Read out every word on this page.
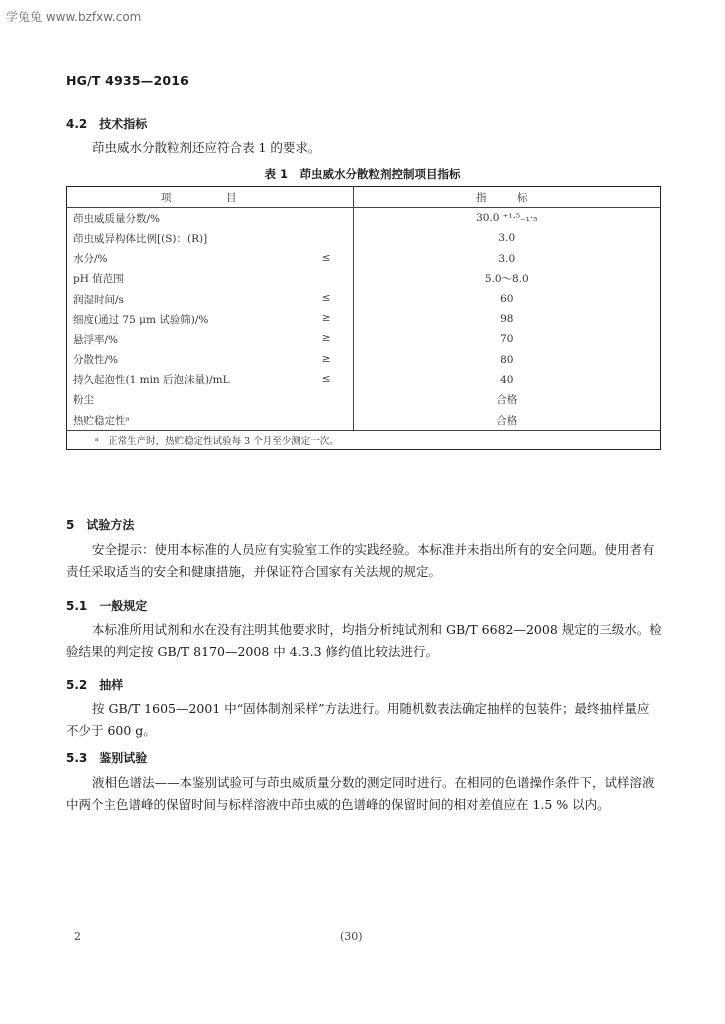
学兔兔 www.bzfxw.com
HG/T 4935—2016
4.2　技术指标
茚虫威水分散粒剂还应符合表 1 的要求。
表 1　茚虫威水分散粒剂控制项目指标
项　目	指　标
茚虫威质量分数/%	30.0 ⁺¹·⁵₋₁·₅
茚虫威异构体比例[(S)：(R)]	3.0
水分/% ≤	3.0
pH 值范围	5.0～8.0
润湿时间/s ≤	60
细度(通过 75 μm 试验筛)/% ≥	98
悬浮率/% ≥	70
分散性/% ≥	80
持久起泡性(1 min 后泡沫量)/mL ≤	40
粉尘	合格
热贮稳定性ᵃ	合格
ᵃ　正常生产时，热贮稳定性试验每 3 个月至少测定一次。	
5　试验方法
安全提示：使用本标准的人员应有实验室工作的实践经验。本标准并未指出所有的安全问题。使用者有责任采取适当的安全和健康措施，并保证符合国家有关法规的规定。
5.1　一般规定
本标准所用试剂和水在没有注明其他要求时，均指分析纯试剂和 GB/T 6682—2008 规定的三级水。检验结果的判定按 GB/T 8170—2008 中 4.3.3 修约值比较法进行。
5.2　抽样
按 GB/T 1605—2001 中“固体制剂采样”方法进行。用随机数表法确定抽样的包装件；最终抽样量应不少于 600 g。
5.3　鉴别试验
液相色谱法——本鉴别试验可与茚虫威质量分数的测定同时进行。在相同的色谱操作条件下，试样溶液中两个主色谱峰的保留时间与标样溶液中茚虫威的色谱峰的保留时间的相对差值应在 1.5 % 以内。
2	(30)
